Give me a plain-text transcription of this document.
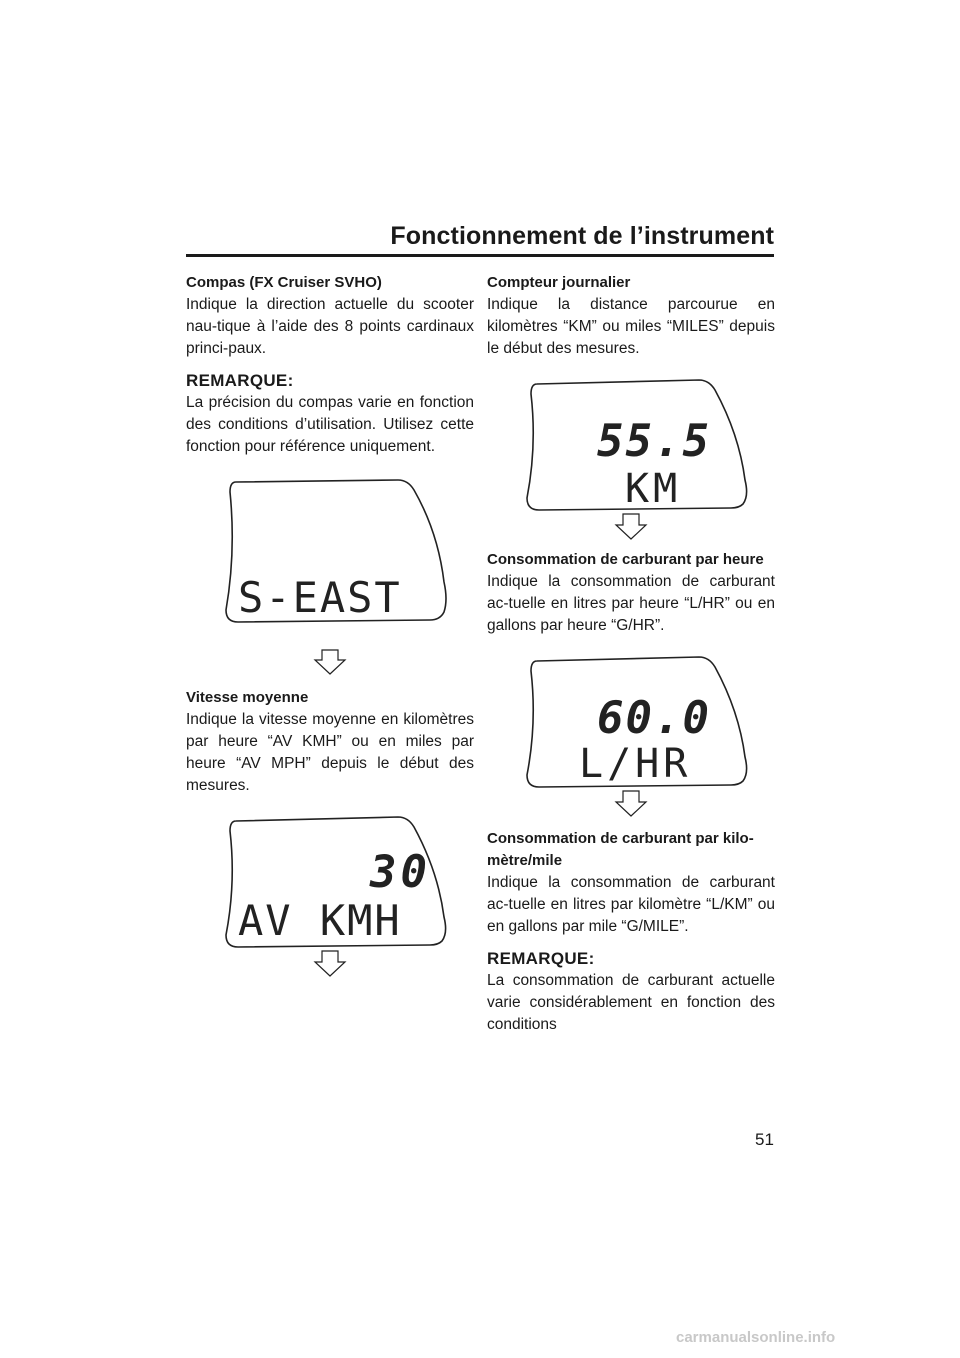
Fonctionnement de l’instrument
Compas (FX Cruiser SVHO)
Indique la direction actuelle du scooter nau-tique à l’aide des 8 points cardinaux princi-paux.
REMARQUE:
La précision du compas varie en fonction des conditions d’utilisation. Utilisez cette fonction pour référence uniquement.
S-EAST
Vitesse moyenne
Indique la vitesse moyenne en kilomètres par heure “AV KMH” ou en miles par heure “AV MPH” depuis le début des mesures.
30
AV KMH
Compteur journalier
Indique la distance parcourue en kilomètres “KM” ou miles “MILES” depuis le début des mesures.
55.5
KM
Consommation de carburant par heure
Indique la consommation de carburant ac-tuelle en litres par heure “L/HR” ou en gallons par heure “G/HR”.
60.0
L/HR
Consommation de carburant par kilo-mètre/mile
Indique la consommation de carburant ac-tuelle en litres par kilomètre “L/KM” ou en gallons par mile “G/MILE”.
REMARQUE:
La consommation de carburant actuelle varie considérablement en fonction des conditions
51
carmanualsonline.info
